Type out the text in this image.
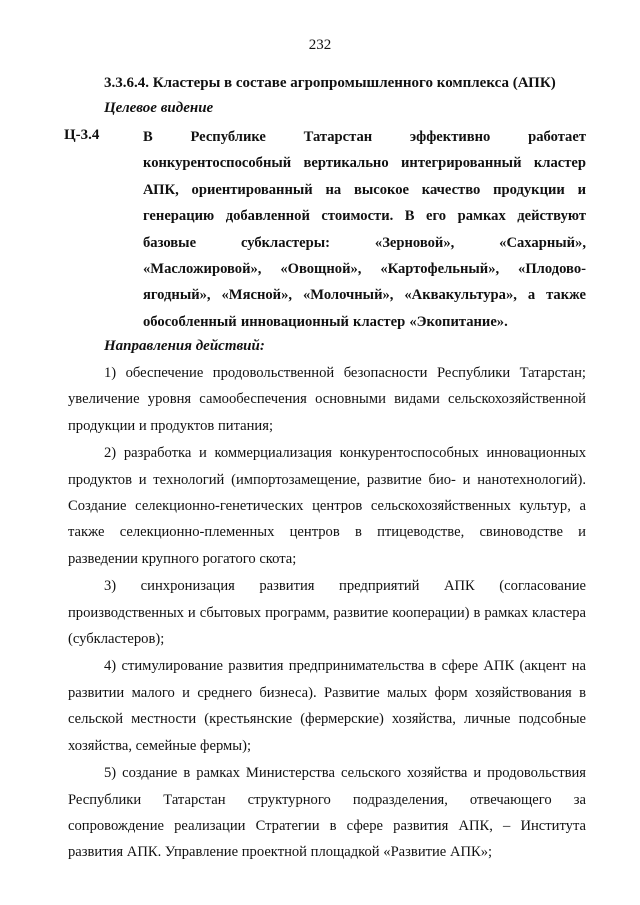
232
3.3.6.4. Кластеры в составе агропромышленного комплекса (АПК)
Целевое видение
Ц-3.4	В Республике Татарстан эффективно работает конкурентоспособный вертикально интегрированный кластер АПК, ориентированный на высокое качество продукции и генерацию добавленной стоимости. В его рамках действуют базовые субкластеры: «Зерновой», «Сахарный», «Масложировой», «Овощной», «Картофельный», «Плодово-ягодный», «Мясной», «Молочный», «Аквакультура», а также обособленный инновационный кластер «Экопитание».
Направления действий:

1) обеспечение продовольственной безопасности Республики Татарстан; увеличение уровня самообеспечения основными видами сельскохозяйственной продукции и продуктов питания;

2) разработка и коммерциализация конкурентоспособных инновационных продуктов и технологий (импортозамещение, развитие био- и нанотехнологий). Создание селекционно-генетических центров сельскохозяйственных культур, а также селекционно-племенных центров в птицеводстве, свиноводстве и разведении крупного рогатого скота;

3) синхронизация развития предприятий АПК (согласование производственных и сбытовых программ, развитие кооперации) в рамках кластера (субкластеров);

4) стимулирование развития предпринимательства в сфере АПК (акцент на развитии малого и среднего бизнеса). Развитие малых форм хозяйствования в сельской местности (крестьянские (фермерские) хозяйства, личные подсобные хозяйства, семейные фермы);

5) создание в рамках Министерства сельского хозяйства и продовольствия Республики Татарстан структурного подразделения, отвечающего за сопровождение реализации Стратегии в сфере развития АПК, – Института развития АПК. Управление проектной площадкой «Развитие АПК»;
